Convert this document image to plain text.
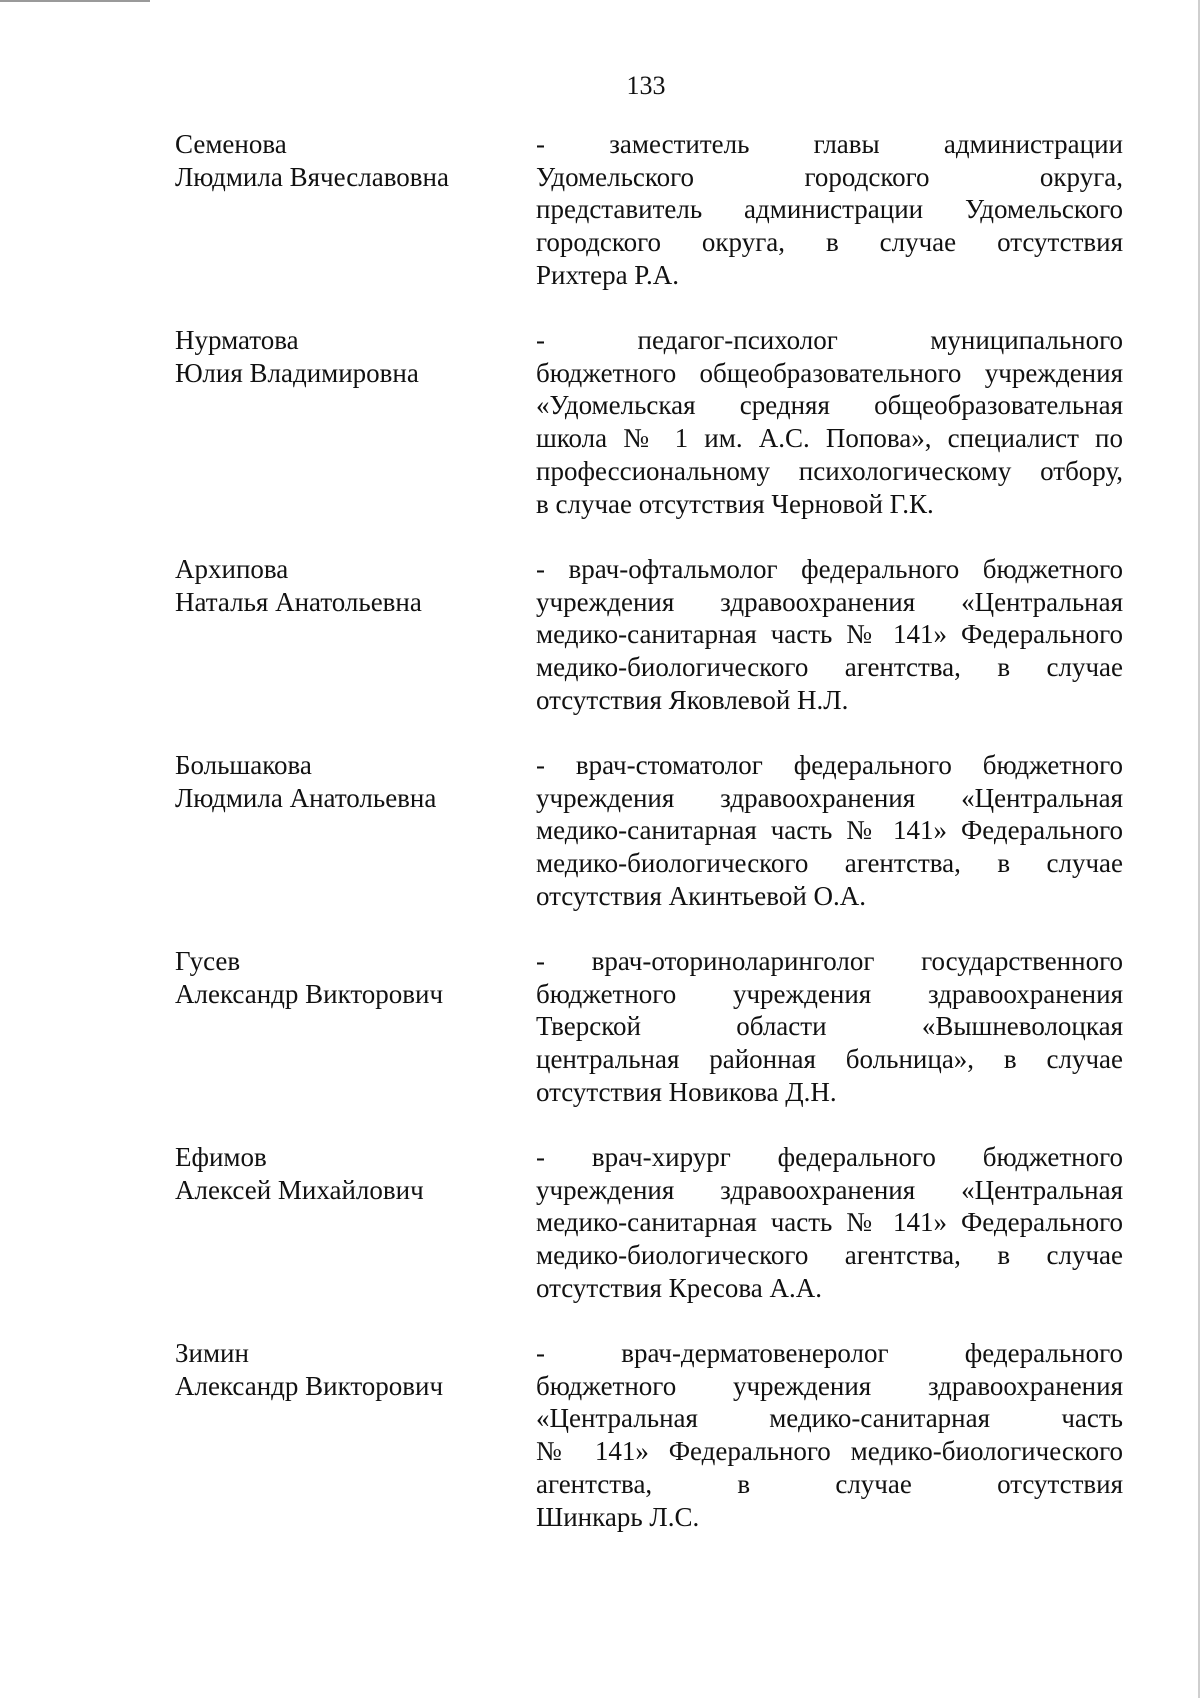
133
Семенова
Людмила Вячеславовна
- заместитель главы администрации
Удомельского городского округа,
представитель администрации Удомельского
городского округа, в случае отсутствия
Рихтера Р.А.
Нурматова
Юлия Владимировна
- педагог-психолог муниципального
бюджетного общеобразовательного учреждения
«Удомельская средняя общеобразовательная
школа № 1 им. А.С. Попова», специалист по
профессиональному психологическому отбору,
в случае отсутствия Черновой Г.К.
Архипова
Наталья Анатольевна
- врач-офтальмолог федерального бюджетного
учреждения здравоохранения «Центральная
медико-санитарная часть № 141» Федерального
медико-биологического агентства, в случае
отсутствия Яковлевой Н.Л.
Большакова
Людмила Анатольевна
- врач-стоматолог федерального бюджетного
учреждения здравоохранения «Центральная
медико-санитарная часть № 141» Федерального
медико-биологического агентства, в случае
отсутствия Акинтьевой О.А.
Гусев
Александр Викторович
- врач-оториноларинголог государственного
бюджетного учреждения здравоохранения
Тверской области «Вышневолоцкая
центральная районная больница», в случае
отсутствия Новикова Д.Н.
Ефимов
Алексей Михайлович
- врач-хирург федерального бюджетного
учреждения здравоохранения «Центральная
медико-санитарная часть № 141» Федерального
медико-биологического агентства, в случае
отсутствия Кресова А.А.
Зимин
Александр Викторович
- врач-дерматовенеролог федерального
бюджетного учреждения здравоохранения
«Центральная медико-санитарная часть
№ 141» Федерального медико-биологического
агентства, в случае отсутствия
Шинкарь Л.С.
